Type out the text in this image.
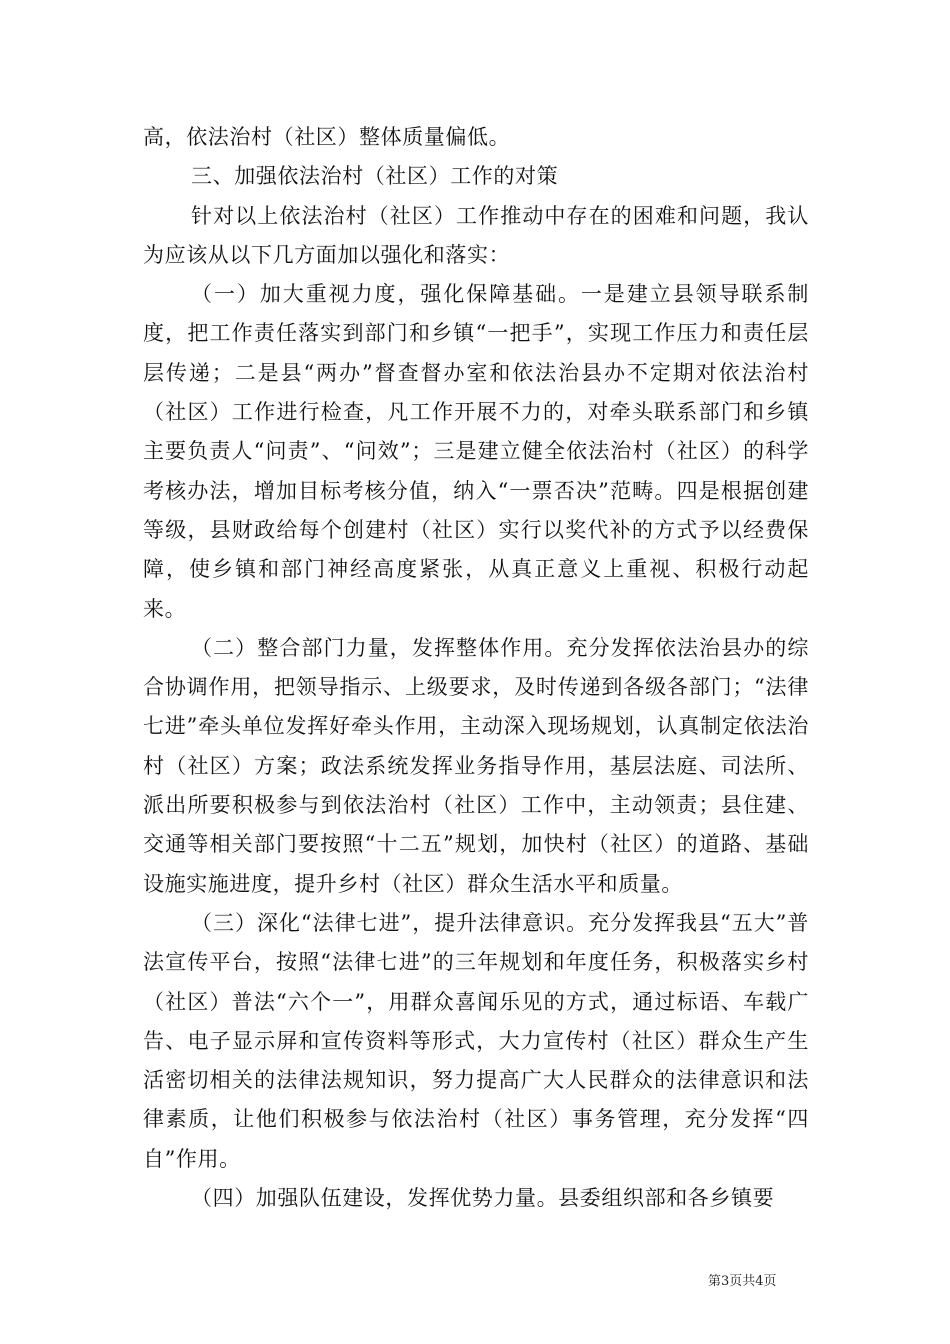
高，依法治村（社区）整体质量偏低。

三、加强依法治村（社区）工作的对策

针对以上依法治村（社区）工作推动中存在的困难和问题，我认为应该从以下几方面加以强化和落实：

（一）加大重视力度，强化保障基础。一是建立县领导联系制度，把工作责任落实到部门和乡镇“一把手”，实现工作压力和责任层层传递；二是县“两办”督查督办室和依法治县办不定期对依法治村（社区）工作进行检查，凡工作开展不力的，对牵头联系部门和乡镇主要负责人“问责”、“问效”；三是建立健全依法治村（社区）的科学考核办法，增加目标考核分值，纳入“一票否决”范畴。四是根据创建等级，县财政给每个创建村（社区）实行以奖代补的方式予以经费保障，使乡镇和部门神经高度紧张，从真正意义上重视、积极行动起来。

（二）整合部门力量，发挥整体作用。充分发挥依法治县办的综合协调作用，把领导指示、上级要求，及时传递到各级各部门；“法律七进”牵头单位发挥好牵头作用，主动深入现场规划，认真制定依法治村（社区）方案；政法系统发挥业务指导作用，基层法庭、司法所、派出所要积极参与到依法治村（社区）工作中，主动领责；县住建、交通等相关部门要按照“十二五”规划，加快村（社区）的道路、基础设施实施进度，提升乡村（社区）群众生活水平和质量。

（三）深化“法律七进”，提升法律意识。充分发挥我县“五大”普法宣传平台，按照“法律七进”的三年规划和年度任务，积极落实乡村（社区）普法“六个一”，用群众喜闻乐见的方式，通过标语、车载广告、电子显示屏和宣传资料等形式，大力宣传村（社区）群众生产生活密切相关的法律法规知识，努力提高广大人民群众的法律意识和法律素质，让他们积极参与依法治村（社区）事务管理，充分发挥“四自”作用。

（四）加强队伍建设，发挥优势力量。县委组织部和各乡镇要

第3页共4页
